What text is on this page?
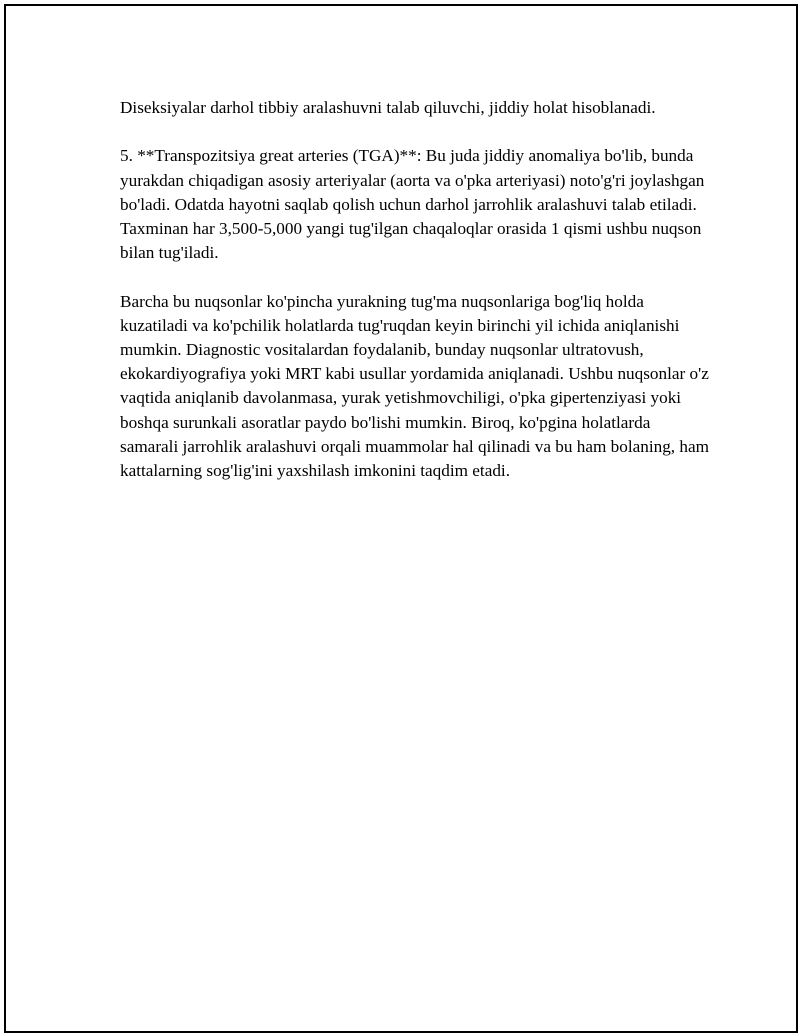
Diseksiyalar darhol tibbiy aralashuvni talab qiluvchi, jiddiy holat hisoblanadi.

5. **Transpozitsiya great arteries (TGA)**: Bu juda jiddiy anomaliya bo'lib, bunda yurakdan chiqadigan asosiy arteriyalar (aorta va o'pka arteriyasi) noto'g'ri joylashgan bo'ladi. Odatda hayotni saqlab qolish uchun darhol jarrohlik aralashuvi talab etiladi. Taxminan har 3,500-5,000 yangi tug'ilgan chaqaloqlar orasida 1 qismi ushbu nuqson bilan tug'iladi.

Barcha bu nuqsonlar ko'pincha yurakning tug'ma nuqsonlariga bog'liq holda kuzatiladi va ko'pchilik holatlarda tug'ruqdan keyin birinchi yil ichida aniqlanishi mumkin. Diagnostic vositalardan foydalanib, bunday nuqsonlar ultratovush, ekokardiyografiya yoki MRT kabi usullar yordamida aniqlanadi. Ushbu nuqsonlar o'z vaqtida aniqlanib davolanmasa, yurak yetishmovchiligi, o'pka gipertenziyasi yoki boshqa surunkali asoratlar paydo bo'lishi mumkin. Biroq, ko'pgina holatlarda samarali jarrohlik aralashuvi orqali muammolar hal qilinadi va bu ham bolaning, ham kattalarning sog'lig'ini yaxshilash imkonini taqdim etadi.
